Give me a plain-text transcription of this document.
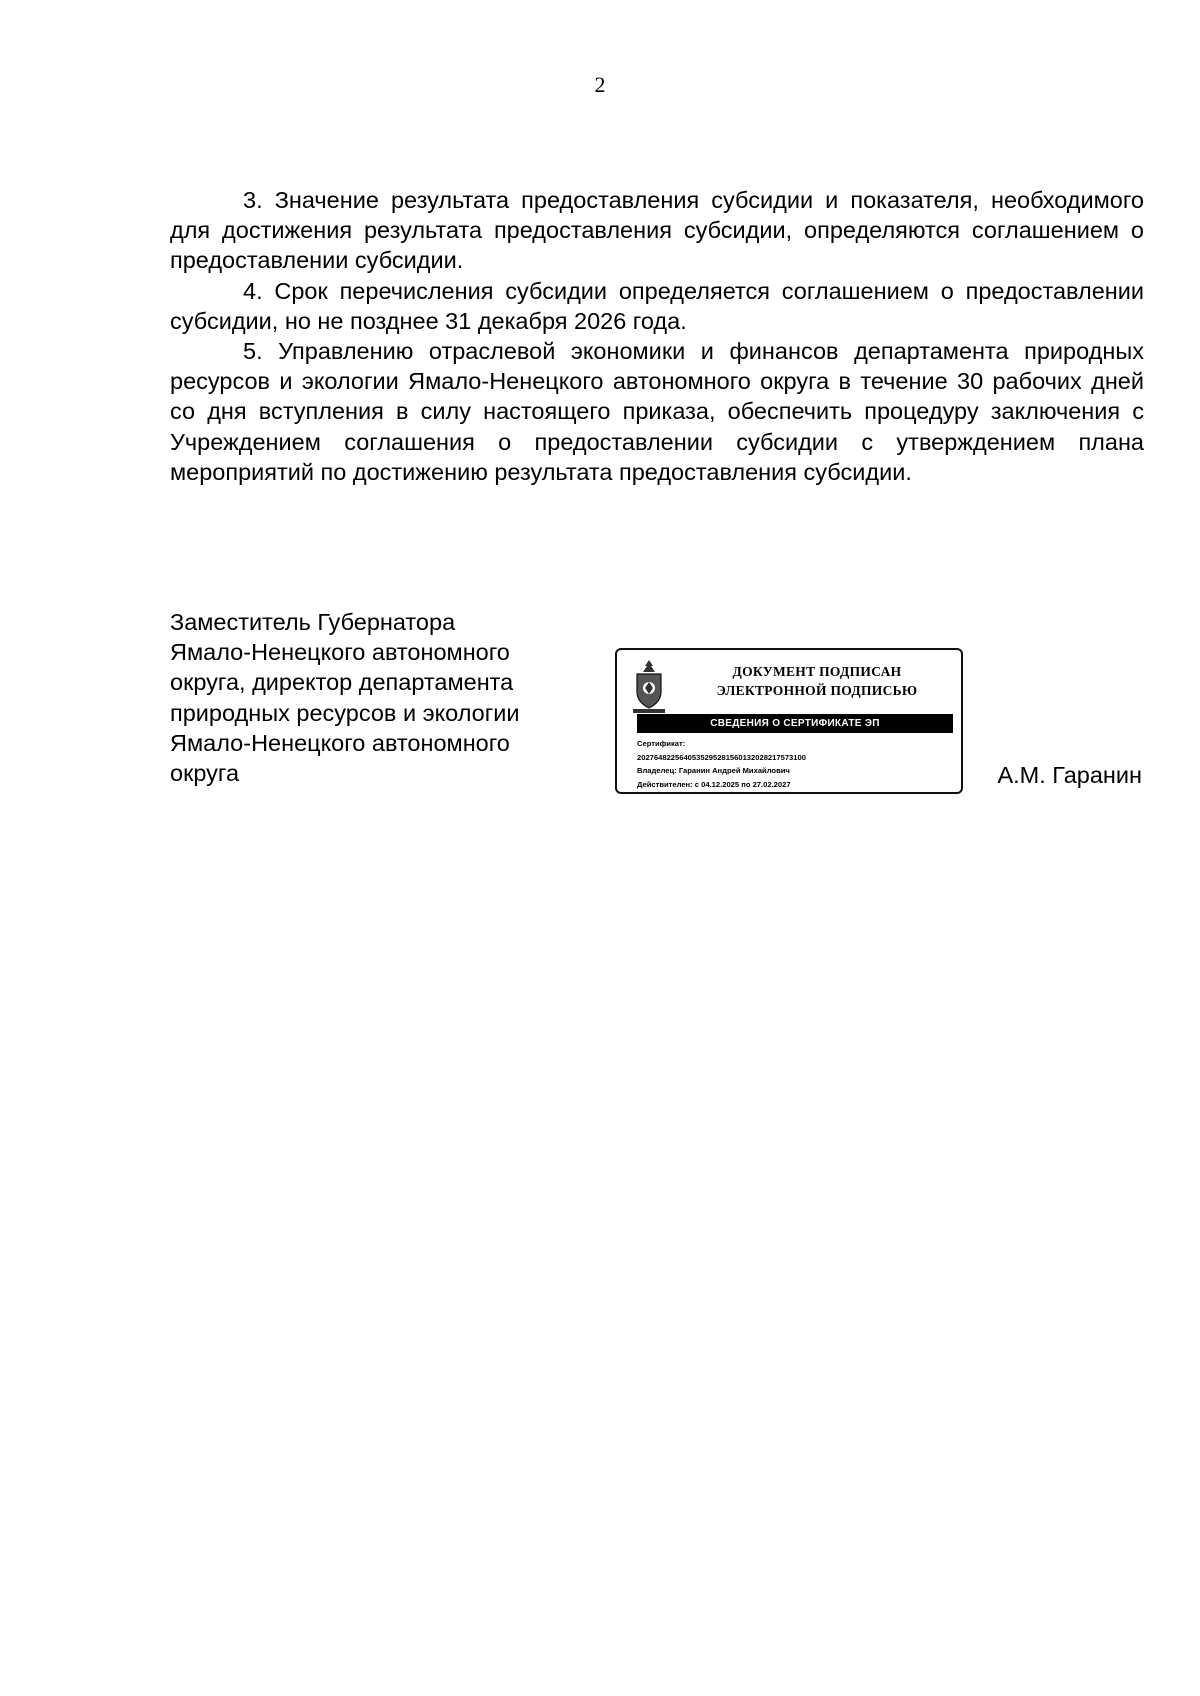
2

3. Значение результата предоставления субсидии и показателя, необходимого для достижения результата предоставления субсидии, определяются соглашением о предоставлении субсидии.

4. Срок перечисления субсидии определяется соглашением о предоставлении субсидии, но не позднее 31 декабря 2026 года.

5. Управлению отраслевой экономики и финансов департамента природных ресурсов и экологии Ямало-Ненецкого автономного округа в течение 30 рабочих дней со дня вступления в силу настоящего приказа, обеспечить процедуру заключения с Учреждением соглашения о предоставлении субсидии с утверждением плана мероприятий по достижению результата предоставления субсидии.

Заместитель Губернатора
Ямало-Ненецкого автономного
округа, директор департамента
природных ресурсов и экологии
Ямало-Ненецкого автономного
округа
ДОКУМЕНТ ПОДПИСАН
ЭЛЕКТРОННОЙ ПОДПИСЬЮ
СВЕДЕНИЯ О СЕРТИФИКАТЕ ЭП
Сертификат:
2027648225640535295281560132028217573100
Владелец: Гаранин Андрей Михайлович
Действителен: с 04.12.2025 по 27.02.2027	А.М. Гаранин
